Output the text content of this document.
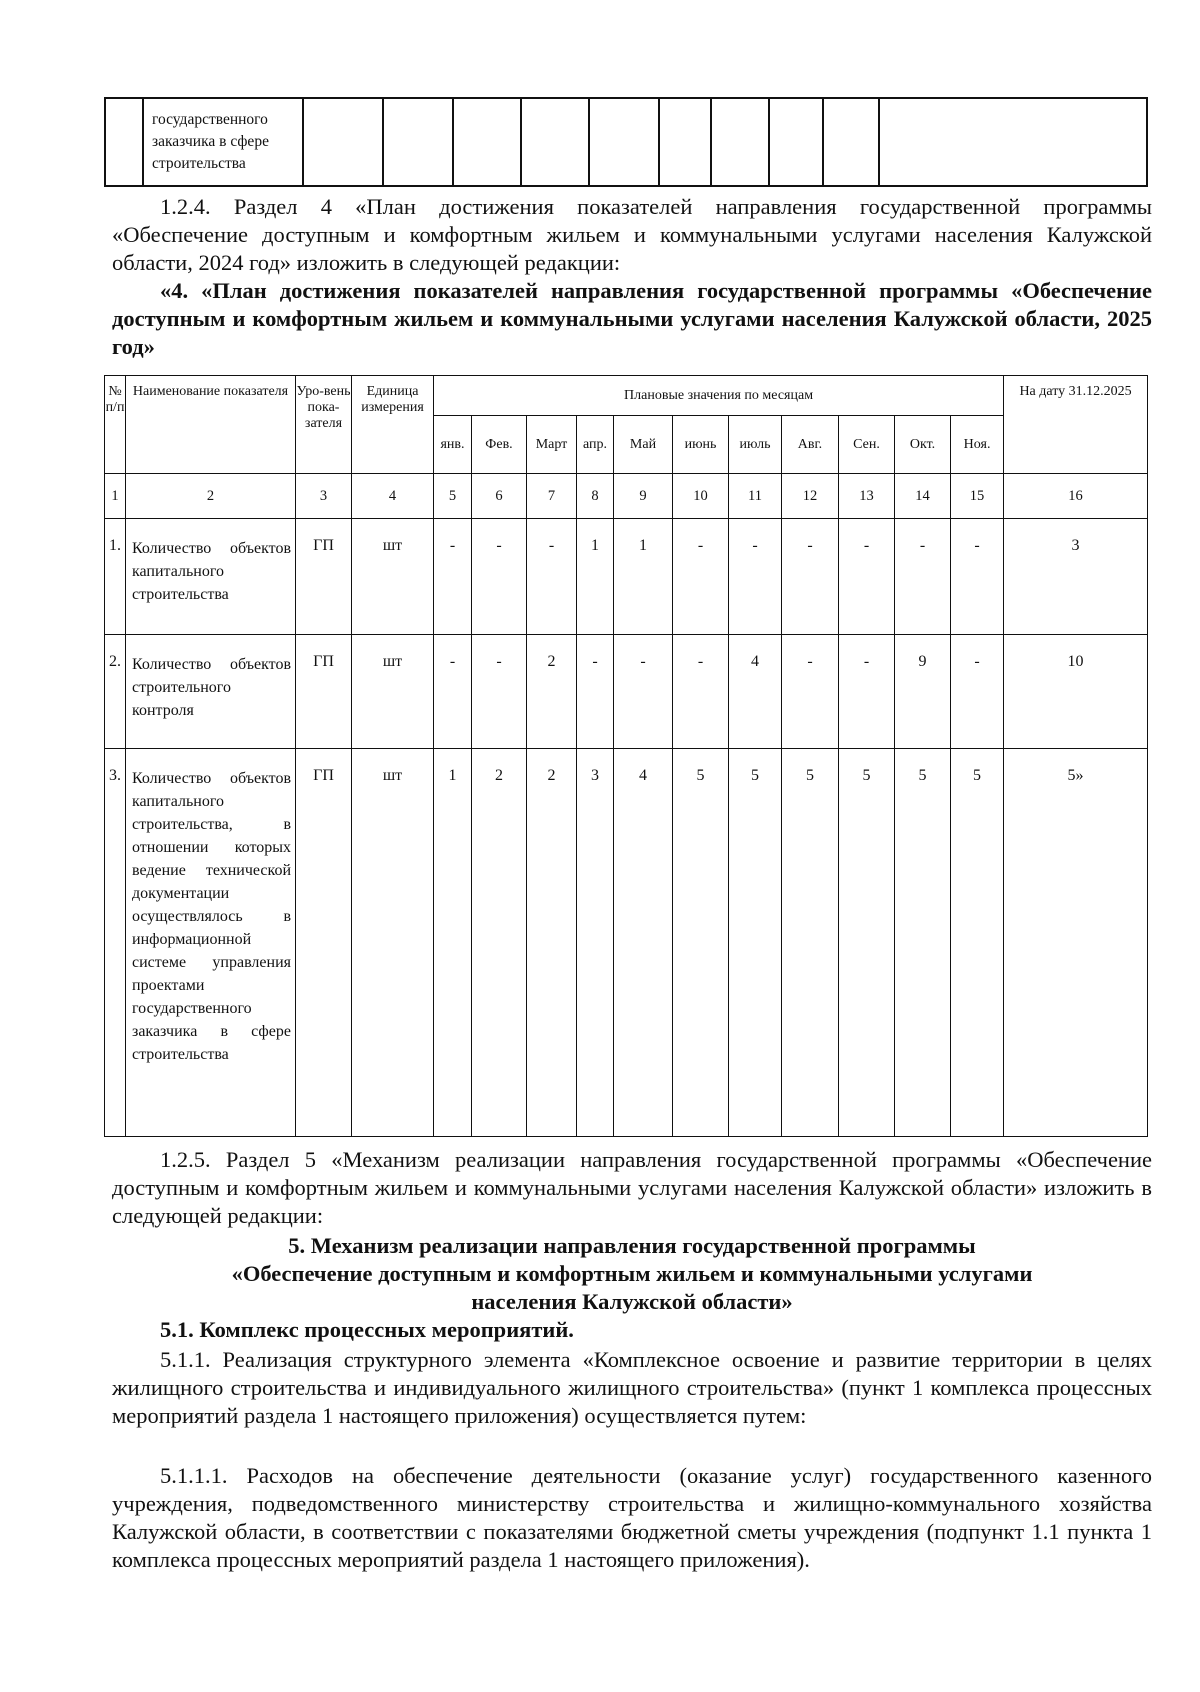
государственного заказчика в сфере строительства

1.2.4. Раздел 4 «План достижения показателей направления государственной программы «Обеспечение доступным и комфортным жильем и коммунальными услугами населения Калужской области, 2024 год» изложить в следующей редакции:
«4. «План достижения показателей направления государственной программы «Обеспечение доступным и комфортным жильем и коммунальными услугами населения Калужской области, 2025 год»
№ п/п	Наименование показателя	Уро-вень пока-зателя	Единица измерения	Плановые значения по месяцам											На дату 31.12.2025
				янв.	Фев.	Март	апр.	Май	июнь	июль	Авг.	Сен.	Окт.	Ноя.	
1	2	3	4	5	6	7	8	9	10	11	12	13	14	15	16
1.	Количество объектов капитального строительства	ГП	шт	-	-	-	1	1	-	-	-	-	-	-	3
2.	Количество объектов строительного контроля	ГП	шт	-	-	2	-	-	-	4	-	-	9	-	10
3.	Количество объектов капитального строительства, в отношении которых ведение технической документации осуществлялось в информационной системе управления проектами государственного заказчика в сфере строительства	ГП	шт	1	2	2	3	4	5	5	5	5	5	5	5»
1.2.5. Раздел 5 «Механизм реализации направления государственной программы «Обеспечение доступным и комфортным жильем и коммунальными услугами населения Калужской области» изложить в следующей редакции:
5. Механизм реализации направления государственной программы
«Обеспечение доступным и комфортным жильем и коммунальными услугами
населения Калужской области»
5.1. Комплекс процессных мероприятий.
5.1.1. Реализация структурного элемента «Комплексное освоение и развитие территории в целях жилищного строительства и индивидуального жилищного строительства» (пункт 1 комплекса процессных мероприятий раздела 1 настоящего приложения) осуществляется путем:
5.1.1.1. Расходов на обеспечение деятельности (оказание услуг) государственного казенного учреждения, подведомственного министерству строительства и жилищно-коммунального хозяйства Калужской области, в соответствии с показателями бюджетной сметы учреждения (подпункт 1.1 пункта 1 комплекса процессных мероприятий раздела 1 настоящего приложения).
